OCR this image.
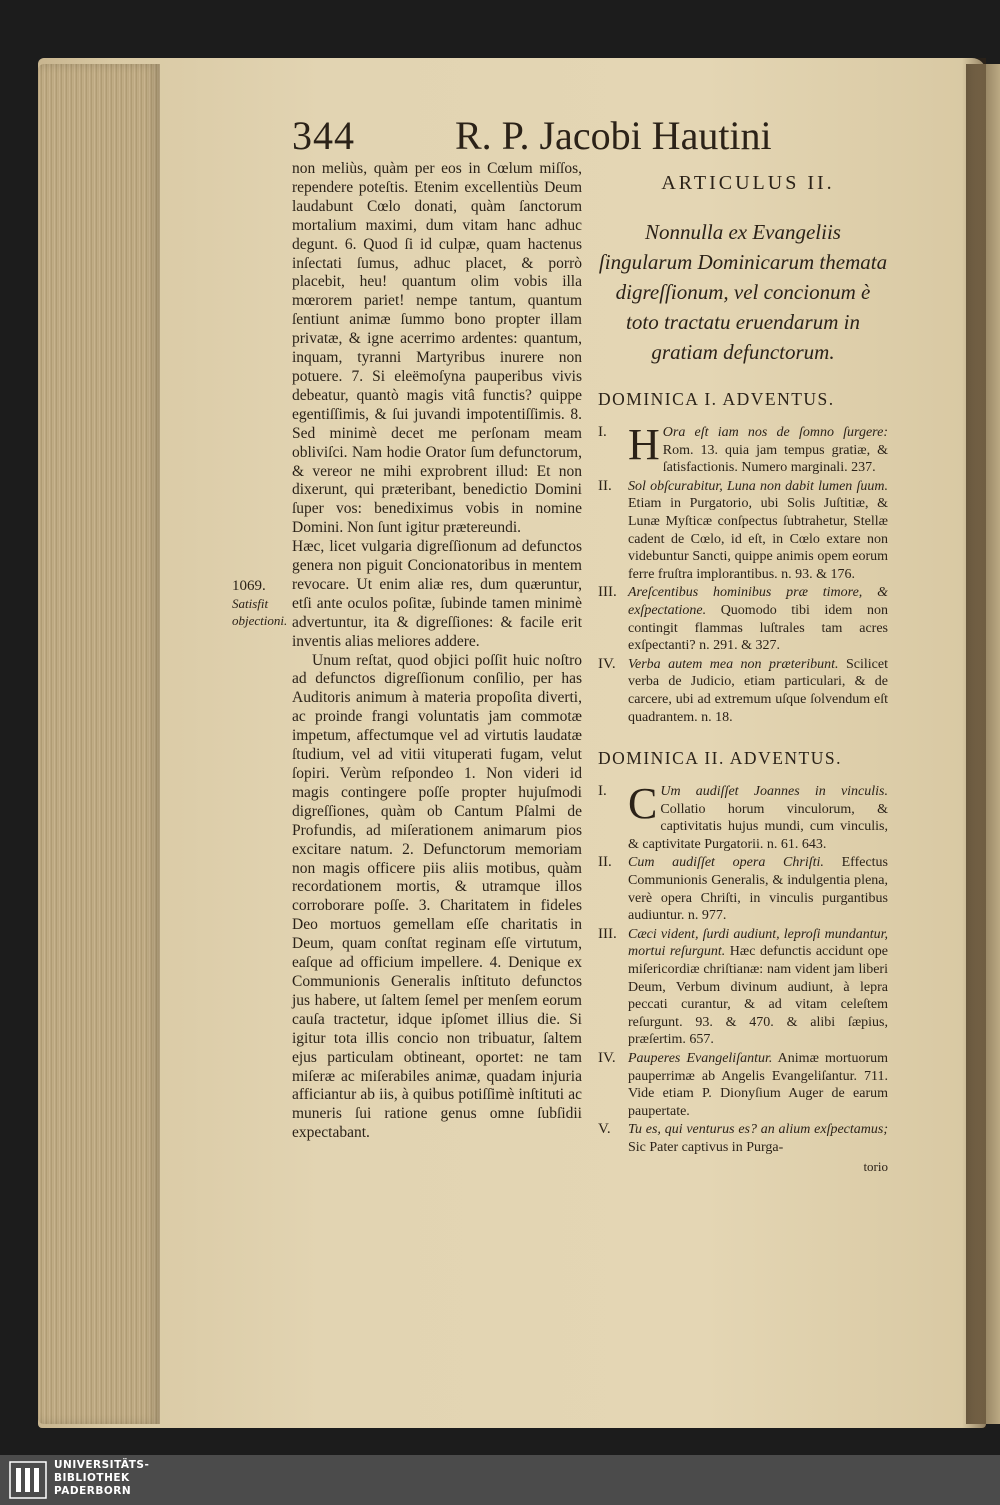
344	R. P. Jacobi Hautini

non meliùs, quàm per eos in Cœlum miſſos, rependere poteſtis. Etenim excellentiùs Deum laudabunt Cœlo donati, quàm ſanctorum mortalium maximi, dum vitam hanc adhuc degunt. 6. Quod ſi id culpæ, quam hactenus inſectati ſumus, adhuc placet, & porrò placebit, heu! quantum olim vobis illa mœrorem pariet! nempe tantum, quantum ſentiunt animæ ſummo bono propter illam privatæ, & igne acerrimo ardentes: quantum, inquam, tyranni Martyribus inurere non potuere. 7. Si eleëmoſyna pauperibus vivis debeatur, quantò magis vitâ functis? quippe egentiſſimis, & ſui juvandi impotentiſſimis. 8. Sed minimè decet me perſonam meam obliviſci. Nam hodie Orator ſum defunctorum, & vereor ne mihi exprobrent illud: Et non dixerunt, qui præteribant, benedictio Domini ſuper vos: benediximus vobis in nomine Domini. Non ſunt igitur prætereundi.

Hæc, licet vulgaria digreſſionum ad defunctos genera non piguit Concionatoribus in mentem revocare. Ut enim aliæ res, dum quæruntur, etſi ante oculos poſitæ, ſubinde tamen minimè advertuntur, ita & digreſſiones: & facile erit inventis alias meliores addere.

Unum reſtat, quod objici poſſit huic noſtro ad defunctos digreſſionum conſilio, per has Auditoris animum à materia propoſita diverti, ac proinde frangi voluntatis jam commotæ impetum, affectumque vel ad virtutis laudatæ ſtudium, vel ad vitii vituperati fugam, velut ſopiri. Verùm reſpondeo 1. Non videri id magis contingere poſſe propter hujuſmodi digreſſiones, quàm ob Cantum Pſalmi de Profundis, ad miſerationem animarum pios excitare natum. 2. Defunctorum memoriam non magis officere piis aliis motibus, quàm recordationem mortis, & utramque illos corroborare poſſe. 3. Charitatem in fideles Deo mortuos gemellam eſſe charitatis in Deum, quam conſtat reginam eſſe virtutum, eaſque ad officium impellere. 4. Denique ex Communionis Generalis inſtituto defunctos jus habere, ut ſaltem ſemel per menſem eorum cauſa tractetur, idque ipſomet illius die. Si igitur tota illis concio non tribuatur, ſaltem ejus particulam obtineant, oportet: ne tam miſeræ ac miſerabiles animæ, quadam injuria afficiantur ab iis, à quibus potiſſimè inſtituti ac muneris ſui ratione genus omne ſubſidii expectabant.

1069.
Satisfit objectioni.
ARTICULUS II.
Nonnulla ex Evangeliis ſingularum Dominicarum themata digreſſionum, vel concionum è toto tractatu eruendarum in gratiam defunctorum.
DOMINICA I. ADVENTUS.
I. H Ora eſt iam nos de ſomno ſurgere: Rom. 13. quia jam tempus gratiæ, & ſatisfactionis. Numero marginali. 237.
II.	Sol obſcurabitur, Luna non dabit lumen ſuum. Etiam in Purgatorio, ubi Solis Juſtitiæ, & Lunæ Myſticæ conſpectus ſubtrahetur, Stellæ cadent de Cœlo, id eſt, in Cœlo extare non videbuntur Sancti, quippe animis opem eorum ferre fruſtra implorantibus. n. 93. & 176.
III. Areſcentibus hominibus præ timore, & exſpectatione. Quomodo tibi idem non contingit flammas luſtrales tam acres exſpectanti? n. 291. & 327.
IV. Verba autem mea non præteribunt. Scilicet verba de Judicio, etiam particulari, & de carcere, ubi ad extremum uſque ſolvendum eſt quadrantem. n. 18.
DOMINICA II. ADVENTUS.
I. C Um audiſſet Joannes in vinculis. Collatio horum vinculorum, & captivitatis hujus mundi, cum vinculis, & captivitate Purgatorii. n. 61. 643.
II.	Cum audiſſet opera Chriſti. Effectus Communionis Generalis, & indulgentia plena, verè opera Chriſti, in vinculis purgantibus audiuntur. n. 977.
III. Cæci vident, ſurdi audiunt, leproſi mundantur, mortui reſurgunt. Hæc defunctis accidunt ope miſericordiæ chriſtianæ: nam vident jam liberi Deum, Verbum divinum audiunt, à lepra peccati curantur, & ad vitam celeſtem reſurgunt. 93. & 470. & alibi ſæpius, præſertim. 657.
IV. Pauperes Evangeliſantur. Animæ mortuorum pauperrimæ ab Angelis Evangeliſantur. 711. Vide etiam P. Dionyſium Auger de earum paupertate.
V.	Tu es, qui venturus es? an alium exſpectamus; Sic Pater captivus in Purga-
torio
UNIVERSITÄTS-
BIBLIOTHEK
PADERBORN
